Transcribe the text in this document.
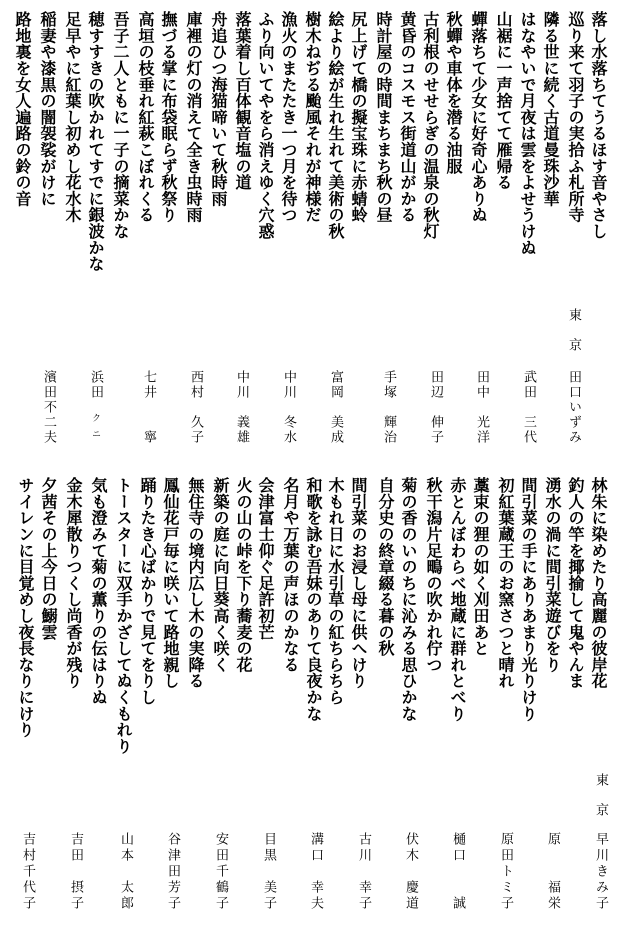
落し水落ちてうるほす音やさし
巡り来て羽子の実拾ふ札所寺
隣る世に続く古道曼珠沙華
はなやいで月夜は雲をよせうけぬ
山裾に一声捨てて雁帰る
蟬落ちて少女に好奇心ありぬ
秋蟬や車体を潜る油服
古利根のせせらぎの温泉の秋灯
黄昏のコスモス街道山がかる
時計屋の時間まちまち秋の昼
尻上げて橋の擬宝珠に赤蜻蛉
絵より絵が生れ生れて美術の秋
樹木ねぢる颱風それが神様だ
漁火のまたたき一つ月を待つ
ふり向いてやをら消えゆく穴惑
落葉着し百体観音塩の道
舟追ひつ海猫啼いて秋時雨
庫裡の灯の消えて全き虫時雨
撫づる掌に布袋眠らず秋祭り
高垣の枝垂れ紅萩こぼれくる
吾子二人ともに一子の摘菜かな
穂すすきの吹かれてすでに銀波かな
足早やに紅葉し初めし花水木
稲妻や漆黒の闇袈裟がけに
路地裏を女人遍路の鈴の音
東京
田口
いずみ
武田
三代
田中
光洋
田辺
伸子
手塚
輝治
富岡
美成
中川
冬水
中川
義雄
西村
久子
七井
寧
浜田
クニ
濱田
不二夫
林朱に染めたり高麗の彼岸花
釣人の竿を揶揄して鬼やんま
湧水の渦に間引菜遊びをり
間引菜の手にありあまり光りけり
初紅葉蔵王のお窯さつと晴れ
藁束の狸の如く刈田あと
赤とんぼわらべ地蔵に群れとべり
秋干潟片足鴫の吹かれ佇つ
菊の香のいのちに沁みる思ひかな
自分史の終章綴る暮の秋
間引菜のお浸し母に供へけり
木もれ日に水引草の紅ちらちら
和歌を詠む吾妹のありて良夜かな
名月や万葉の声ほのかなる
会津富士仰ぐ足許初芒
火の山の峠を下り蕎麦の花
新築の庭に向日葵高く咲く
無住寺の境内広し木の実降る
鳳仙花戸毎に咲いて路地親し
踊りたき心ばかりで見てをりし
トースターに双手かざしてぬくもれり
気も澄みて菊の薫りの伝はりぬ
金木犀散りつくし尚香が残り
夕茜その上今日の鰯雲
サイレンに目覚めし夜長なりにけり
東京
早川
きみ子
原
福栄
原田
トミ子
樋口
誠
伏木
慶道
古川
幸子
溝口
幸夫
目黒
美子
安田
千鶴子
谷津田
芳子
山本
太郎
吉田
摂子
吉村
千代子
